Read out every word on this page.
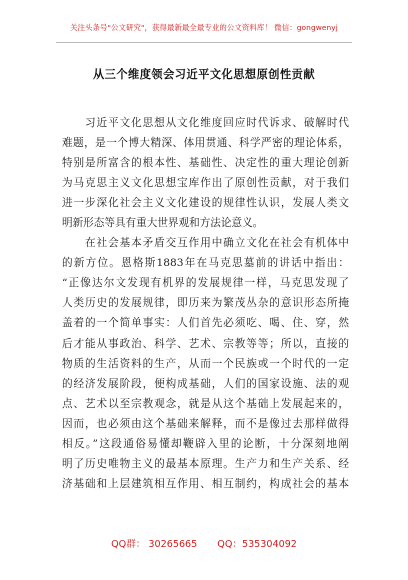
关注头条号"公文研究"，获得最新最全最专业的公文资料库！ 微信：gongwenyj
从三个维度领会习近平文化思想原创性贡献
　　习近平文化思想从文化维度回应时代诉求、破解时代
难题，是一个博大精深、体用贯通、科学严密的理论体系，
特别是所富含的根本性、基础性、决定性的重大理论创新
为马克思主义文化思想宝库作出了原创性贡献，对于我们
进一步深化社会主义文化建设的规律性认识，发展人类文
明新形态等具有重大世界观和方法论意义。
　　在社会基本矛盾交互作用中确立文化在社会有机体中
的新方位。恩格斯1883年在马克思墓前的讲话中指出：
“正像达尔文发现有机界的发展规律一样，马克思发现了
人类历史的发展规律，即历来为繁茂丛杂的意识形态所掩
盖着的一个简单事实：人们首先必须吃、喝、住、穿，然
后才能从事政治、科学、艺术、宗教等等；所以，直接的
物质的生活资料的生产，从而一个民族或一个时代的一定
的经济发展阶段，便构成基础，人们的国家设施、法的观
点、艺术以至宗教观念，就是从这个基础上发展起来的，
因而，也必须由这个基础来解释，而不是像过去那样做得
相反。”这段通俗易懂却鞭辟入里的论断，十分深刻地阐
明了历史唯物主义的最基本原理。生产力和生产关系、经
济基础和上层建筑相互作用、相互制约，构成社会的基本
QQ群： 30265665 QQ：535304092
